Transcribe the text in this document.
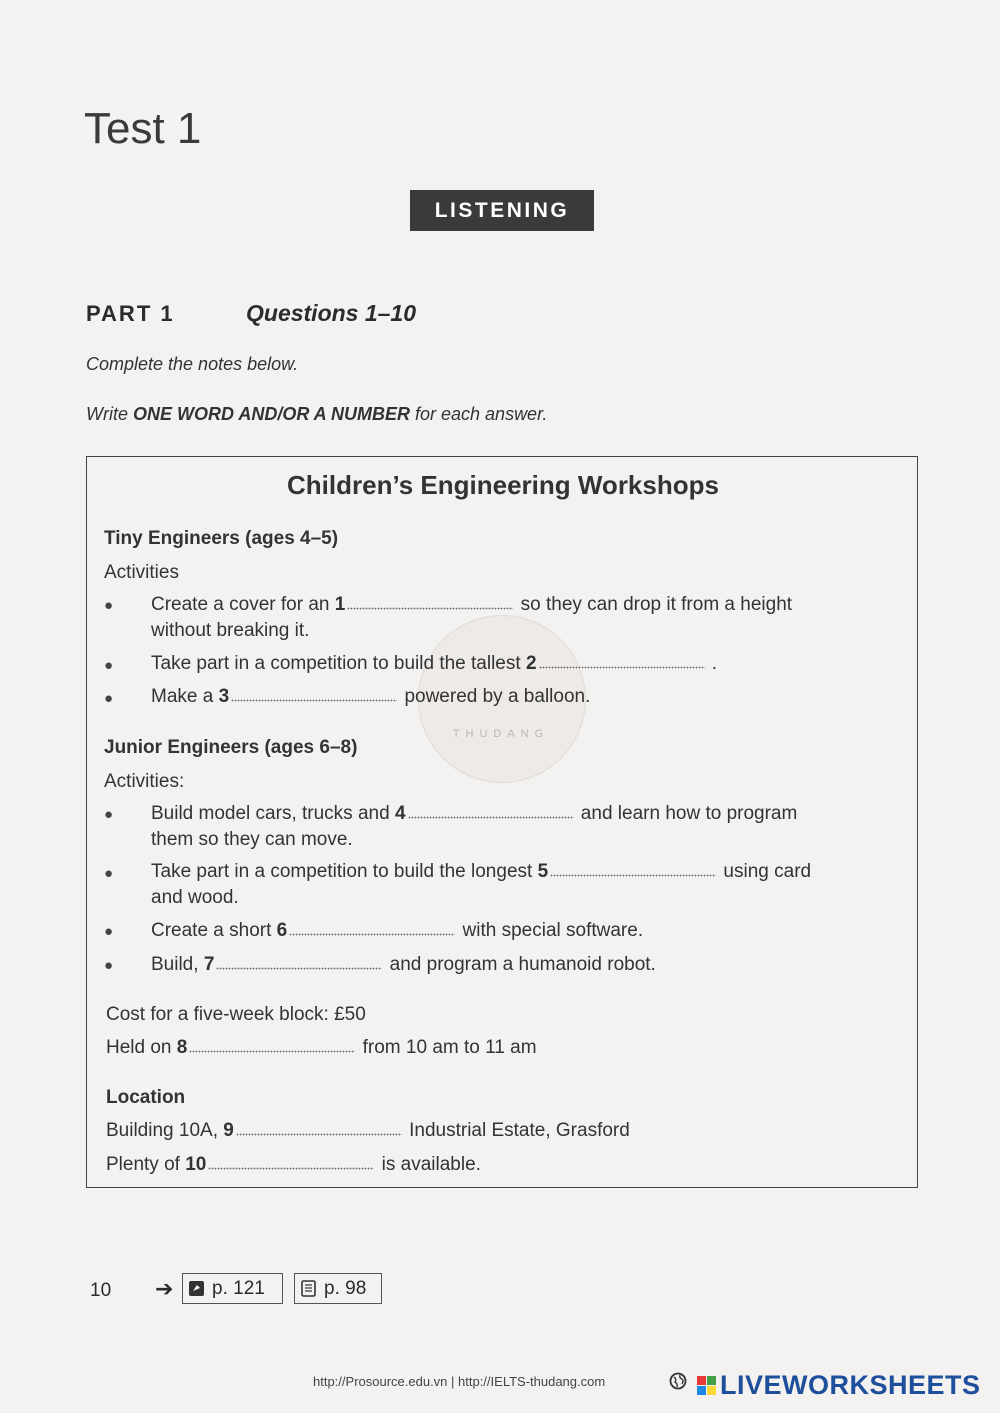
Test 1
LISTENING
PART 1	Questions 1–10
Complete the notes below.
Write ONE WORD AND/OR A NUMBER for each answer.
THUDANG
Children’s Engineering Workshops
Tiny Engineers (ages 4–5)
Activities
● Create a cover for an 1	so they can drop it from a height
without breaking it.
● Take part in a competition to build the tallest 2	.
● Make a 3	powered by a balloon.
Junior Engineers (ages 6–8)
Activities:
● Build model cars, trucks and 4	and learn how to program
them so they can move.
● Take part in a competition to build the longest 5	using card
and wood.
● Create a short 6	with special software.
● Build, 7	and program a humanoid robot.
Cost for a five-week block: £50
Held on 8	from 10 am to 11 am
Location
Building 10A, 9	Industrial Estate, Grasford
Plenty of 10	is available.
10 ➔ p. 121	p. 98
http://Prosource.edu.vn | http://IELTS-thudang.com	LIVEWORKSHEETS
